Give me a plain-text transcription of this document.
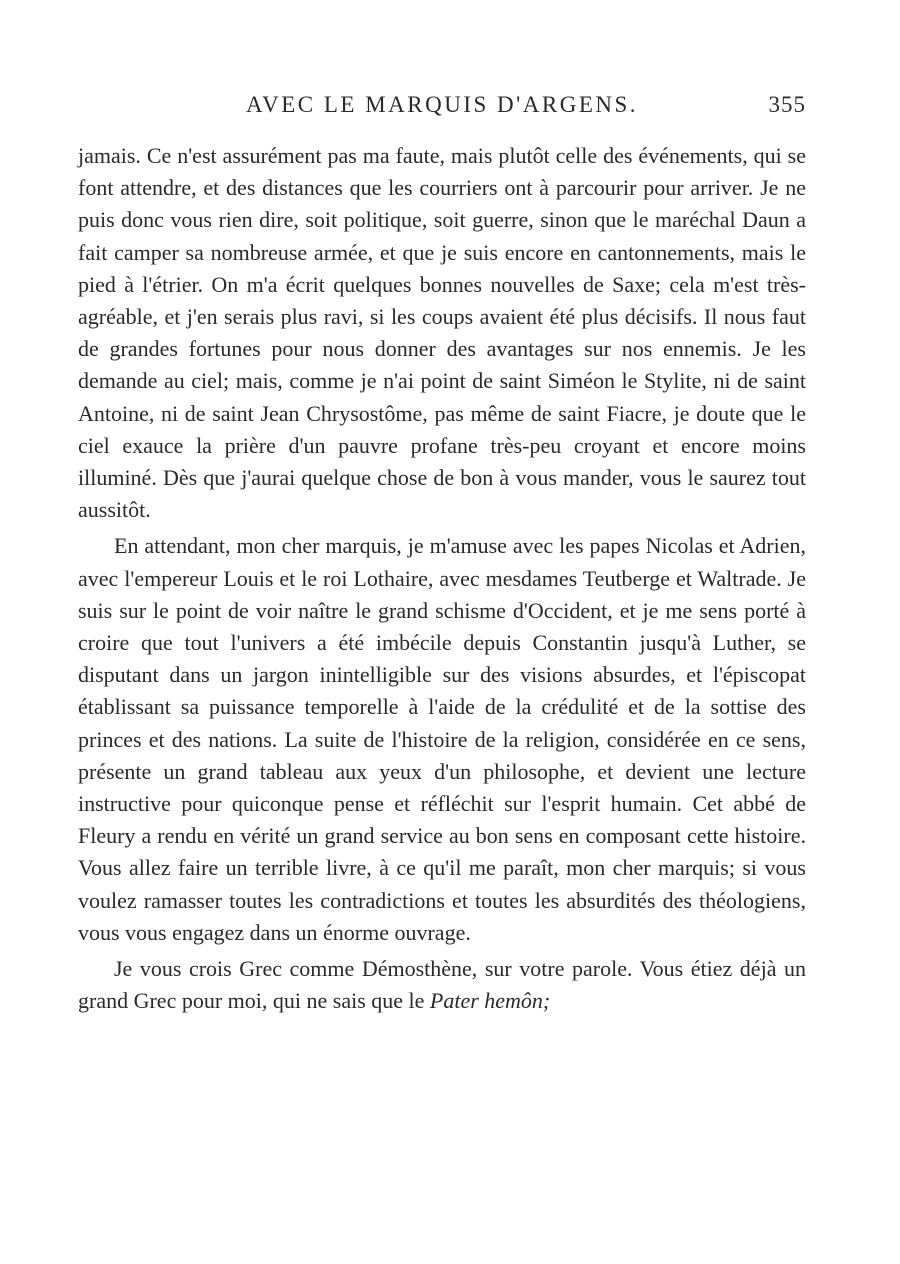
AVEC LE MARQUIS D'ARGENS.	355

jamais. Ce n'est assurément pas ma faute, mais plutôt celle des événements, qui se font attendre, et des distances que les courriers ont à parcourir pour arriver. Je ne puis donc vous rien dire, soit politique, soit guerre, sinon que le maréchal Daun a fait camper sa nombreuse armée, et que je suis encore en cantonnements, mais le pied à l'étrier. On m'a écrit quelques bonnes nouvelles de Saxe; cela m'est très-agréable, et j'en serais plus ravi, si les coups avaient été plus décisifs. Il nous faut de grandes fortunes pour nous donner des avantages sur nos ennemis. Je les demande au ciel; mais, comme je n'ai point de saint Siméon le Stylite, ni de saint Antoine, ni de saint Jean Chrysostôme, pas même de saint Fiacre, je doute que le ciel exauce la prière d'un pauvre profane très-peu croyant et encore moins illuminé. Dès que j'aurai quelque chose de bon à vous mander, vous le saurez tout aussitôt.

En attendant, mon cher marquis, je m'amuse avec les papes Nicolas et Adrien, avec l'empereur Louis et le roi Lothaire, avec mesdames Teutberge et Waltrade. Je suis sur le point de voir naître le grand schisme d'Occident, et je me sens porté à croire que tout l'univers a été imbécile depuis Constantin jusqu'à Luther, se disputant dans un jargon inintelligible sur des visions absurdes, et l'épiscopat établissant sa puissance temporelle à l'aide de la crédulité et de la sottise des princes et des nations. La suite de l'histoire de la religion, considérée en ce sens, présente un grand tableau aux yeux d'un philosophe, et devient une lecture instructive pour quiconque pense et réfléchit sur l'esprit humain. Cet abbé de Fleury a rendu en vérité un grand service au bon sens en composant cette histoire. Vous allez faire un terrible livre, à ce qu'il me paraît, mon cher marquis; si vous voulez ramasser toutes les contradictions et toutes les absurdités des théologiens, vous vous engagez dans un énorme ouvrage.

Je vous crois Grec comme Démosthène, sur votre parole. Vous étiez déjà un grand Grec pour moi, qui ne sais que le Pater hemôn;
